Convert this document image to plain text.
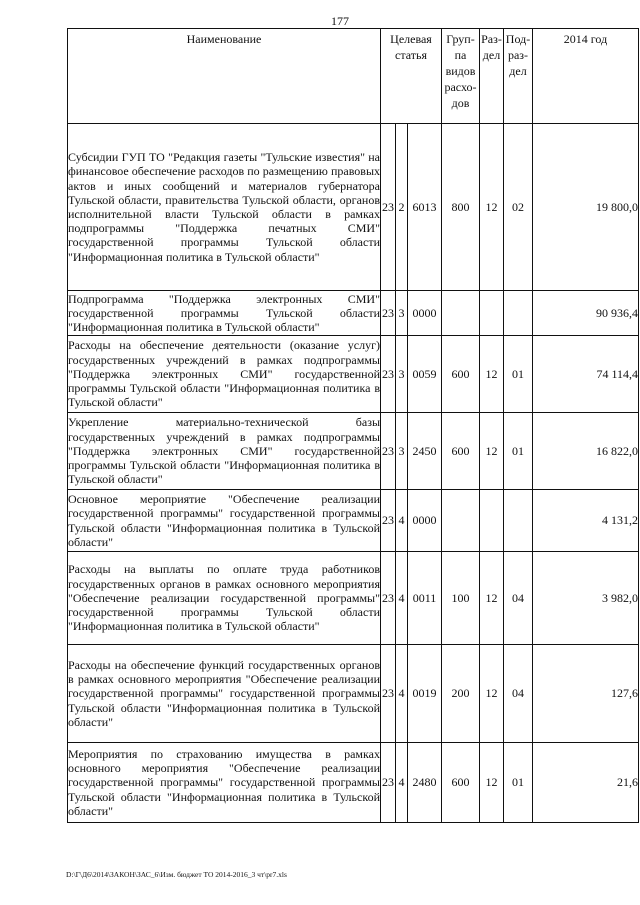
177
Наименование	Целевая статья			Груп-па видов расхо-дов	Раз-дел	Под-раз-дел	2014 год
Субсидии ГУП ТО "Редакция газеты "Тульские известия" на финансовое обеспечение расходов по размещению правовых актов и иных сообщений и материалов губернатора Тульской области, правительства Тульской области, органов исполнительной власти Тульской области в рамках подпрограммы "Поддержка печатных СМИ" государственной программы Тульской области "Информационная политика в Тульской области"	23	2	6013	800	12	02	19 800,0
Подпрограмма "Поддержка электронных СМИ" государственной программы Тульской области "Информационная политика в Тульской области"	23	3	0000				90 936,4
Расходы на обеспечение деятельности (оказание услуг) государственных учреждений в рамках подпрограммы "Поддержка электронных СМИ" государственной программы Тульской области "Информационная политика в Тульской области"	23	3	0059	600	12	01	74 114,4
Укрепление материально-технической базы государственных учреждений в рамках подпрограммы "Поддержка электронных СМИ" государственной программы Тульской области "Информационная политика в Тульской области"	23	3	2450	600	12	01	16 822,0
Основное мероприятие "Обеспечение реализации государственной программы" государственной программы Тульской области "Информационная политика в Тульской области"	23	4	0000				4 131,2
Расходы на выплаты по оплате труда работников государственных органов в рамках основного мероприятия "Обеспечение реализации государственной программы" государственной программы Тульской области "Информационная политика в Тульской области"	23	4	0011	100	12	04	3 982,0
Расходы на обеспечение функций государственных органов в рамках основного мероприятия "Обеспечение реализации государственной программы" государственной программы Тульской области "Информационная политика в Тульской области"	23	4	0019	200	12	04	127,6
Мероприятия по страхованию имущества в рамках основного мероприятия "Обеспечение реализации государственной программы" государственной программы Тульской области "Информационная политика в Тульской области"	23	4	2480	600	12	01	21,6
D:\Г\Д6\2014\ЗАКОН\ЗАС_6\Изм. бюджет ТО 2014-2016_3 чт\pr7.xls
